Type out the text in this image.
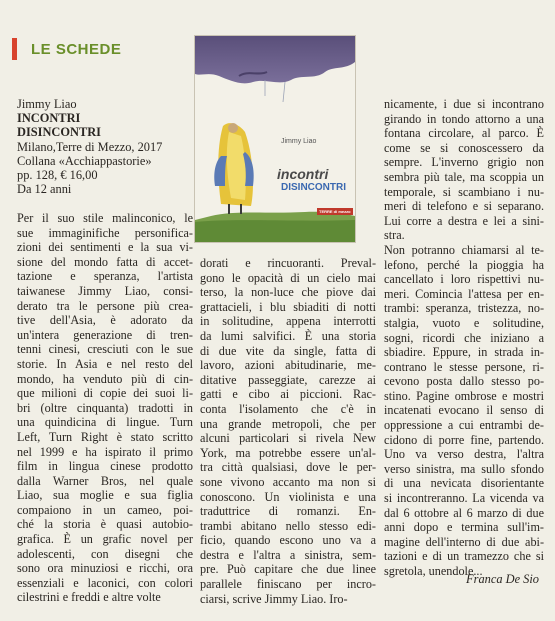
LE SCHEDE
Jimmy Liao
INCONTRI
DISINCONTRI
Milano,Terre di Mezzo, 2017
Collana «Acchiappastorie»
pp. 128, € 16,00
Da 12 anni
Jimmy Liao
incontri
DISINCONTRI
TERRE di mezzo
Per il suo stile malinconico, le
sue immaginifiche personifica-
zioni dei sentimenti e la sua vi-
sione del mondo fatta di accet-
tazione e speranza, l'artista
taiwanese Jimmy Liao, consi-
derato tra le persone più crea-
tive dell'Asia, è adorato da
un'intera generazione di tren-
tenni cinesi, cresciuti con le sue
storie. In Asia e nel resto del
mondo, ha venduto più di cin-
que milioni di copie dei suoi li-
bri (oltre cinquanta) tradotti in
una quindicina di lingue. Turn
Left, Turn Right è stato scritto
nel 1999 e ha ispirato il primo
film in lingua cinese prodotto
dalla Warner Bros, nel quale
Liao, sua moglie e sua figlia
compaiono in un cameo, poi-
ché la storia è quasi autobio-
grafica. È un grafic novel per
adolescenti, con disegni che
sono ora minuziosi e ricchi, ora
essenziali e laconici, con colori
cilestrini e freddi e altre volte
dorati e rincuoranti. Preval-
gono le opacità di un cielo mai
terso, la non-luce che piove dai
grattacieli, i blu sbiaditi di notti
in solitudine, appena interrotti
da lumi salvifici. È una storia
di due vite da single, fatta di
lavoro, azioni abitudinarie, me-
ditative passeggiate, carezze ai
gatti e cibo ai piccioni. Rac-
conta l'isolamento che c'è in
una grande metropoli, che per
alcuni particolari si rivela New
York, ma potrebbe essere un'al-
tra città qualsiasi, dove le per-
sone vivono accanto ma non si
conoscono. Un violinista e una
traduttrice di romanzi. En-
trambi abitano nello stesso edi-
ficio, quando escono uno va a
destra e l'altra a sinistra, sem-
pre. Può capitare che due linee
parallele finiscano per incro-
ciarsi, scrive Jimmy Liao. Iro-
nicamente, i due si incontrano
girando in tondo attorno a una
fontana circolare, al parco. È
come se si conoscessero da
sempre. L'inverno grigio non
sembra più tale, ma scoppia un
temporale, si scambiano i nu-
meri di telefono e si separano.
Lui corre a destra e lei a sini-
stra.
Non potranno chiamarsi al te-
lefono, perché la pioggia ha
cancellato i loro rispettivi nu-
meri. Comincia l'attesa per en-
trambi: speranza, tristezza, no-
stalgia, vuoto e solitudine,
sogni, ricordi che iniziano a
sbiadire. Eppure, in strada in-
contrano le stesse persone, ri-
cevono posta dallo stesso po-
stino. Pagine ombrose e mostri
incatenati evocano il senso di
oppressione a cui entrambi de-
cidono di porre fine, partendo.
Uno va verso destra, l'altra
verso sinistra, ma sullo sfondo
di una nevicata disorientante
si incontreranno. La vicenda va
dal 6 ottobre al 6 marzo di due
anni dopo e termina sull'im-
magine dell'interno di due abi-
tazioni e di un tramezzo che si
sgretola, unendole...
Franca De Sio
